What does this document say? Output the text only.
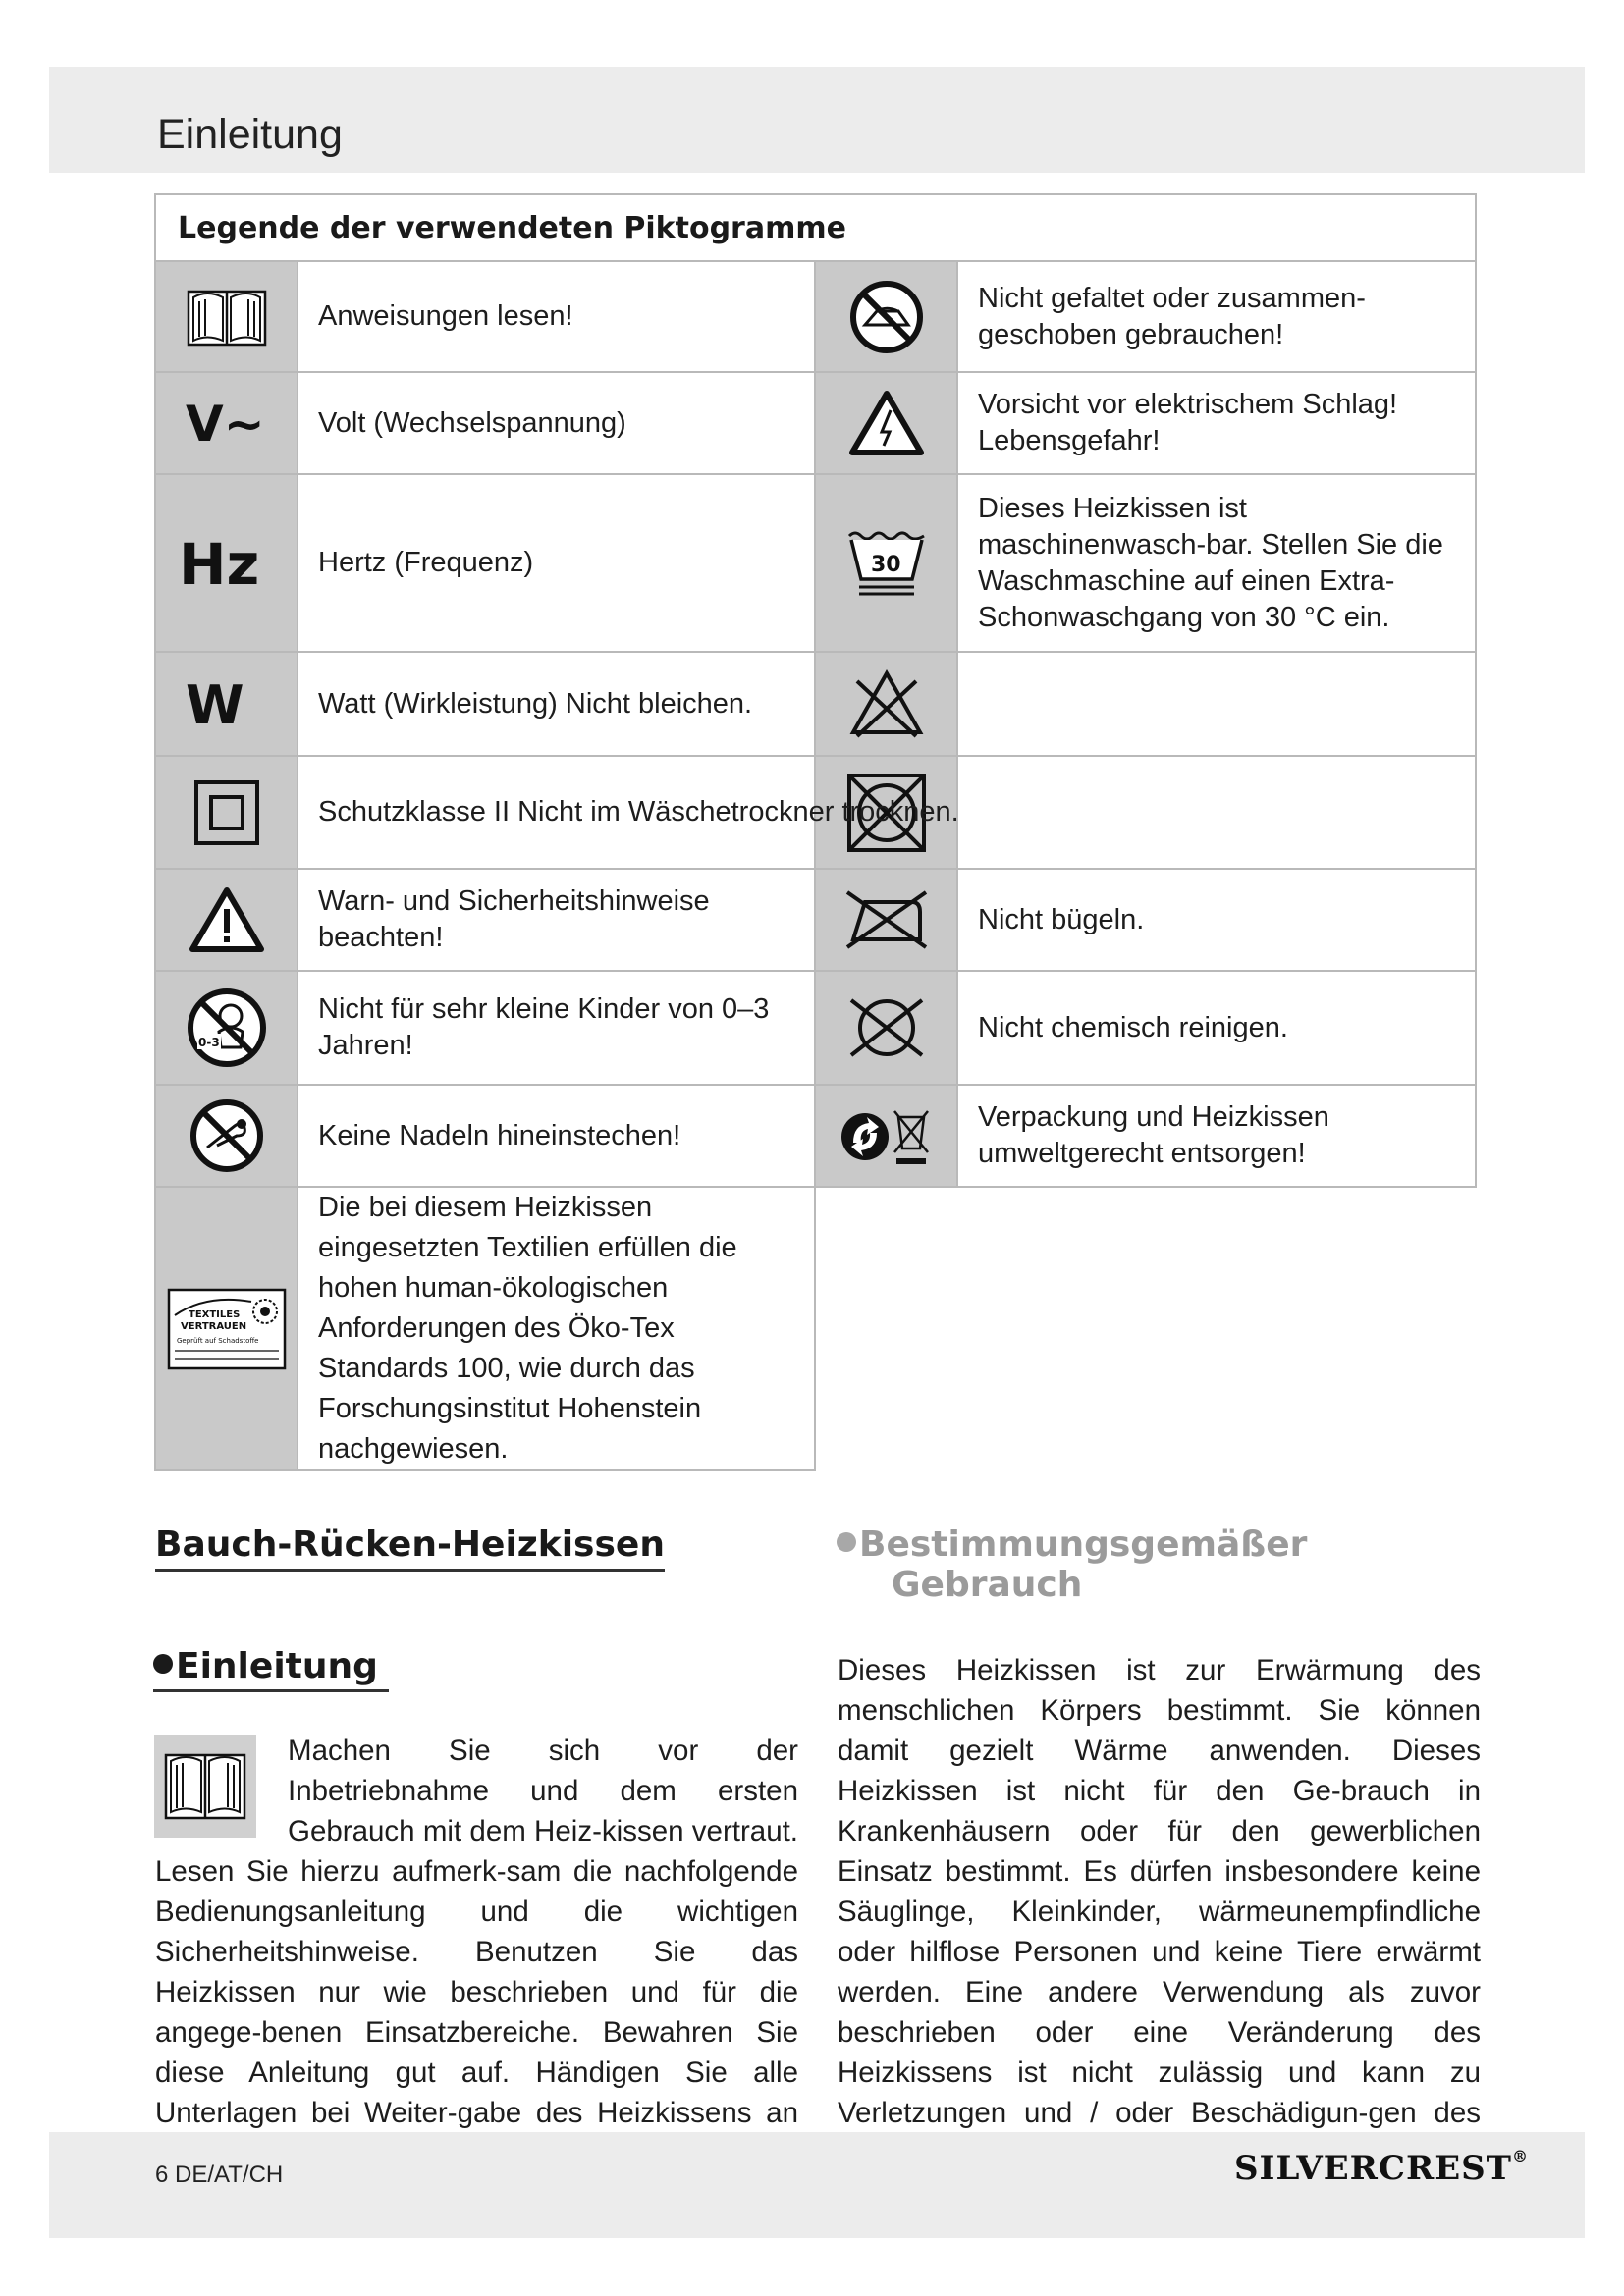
Einleitung
Legende der verwendeten Piktogramme			

	Anweisungen lesen!		Nicht gefaltet oder zusammen-geschoben gebrauchen!

V~	Volt (Wechselspannung)		Vorsicht vor elektrischem Schlag! Lebensgefahr!

Hz	Hertz (Frequenz)	30	Dieses Heizkissen ist maschinenwasch-bar. Stellen Sie die Waschmaschine auf einen Extra-Schonwaschgang von 30 °C ein.

W	Watt (Wirkleistung) Nicht bleichen.	

	Schutzklasse II Nicht im Wäschetrockner trocknen.	

	Warn- und Sicherheitshinweise beachten!		Nicht bügeln.

0-3	Nicht für sehr kleine Kinder von 0–3 Jahren!		Nicht chemisch reinigen.

	Keine Nadeln hineinstechen!		Verpackung und Heizkissen umweltgerecht entsorgen!

TEXTILES
VERTRAUEN
Geprüft auf Schadstoffe	Die bei diesem Heizkissen eingesetzten Textilien erfüllen die hohen human-ökologischen Anforderungen des Öko-Tex Standards 100, wie durch das Forschungsinstitut Hohenstein nachgewiesen.		
Bauch-Rücken-Heizkissen	Bestimmungsgemäßer
Gebrauch
Einleitung
Machen Sie sich vor der Inbetriebnahme und dem ersten Gebrauch mit dem Heiz-kissen vertraut. Lesen Sie hierzu aufmerk-sam die nachfolgende Bedienungsanleitung und die wichtigen Sicherheitshinweise. Benutzen Sie das Heizkissen nur wie beschrieben und für die angege-benen Einsatzbereiche. Bewahren Sie diese Anleitung gut auf. Händigen Sie alle Unterlagen bei Weiter-gabe des Heizkissens an
Dieses Heizkissen ist zur Erwärmung des menschlichen Körpers bestimmt. Sie können damit gezielt Wärme anwenden. Dieses Heizkissen ist nicht für den Ge-brauch in Krankenhäusern oder für den gewerblichen Einsatz bestimmt. Es dürfen insbesondere keine Säuglinge, Kleinkinder, wärmeunempfindliche oder hilflose Personen und keine Tiere erwärmt werden. Eine andere Verwendung als zuvor beschrieben oder eine Veränderung des Heizkissens ist nicht zulässig und kann zu Verletzungen und / oder Beschädigun-gen des
6 DE/AT/CH	SILVERCREST®
